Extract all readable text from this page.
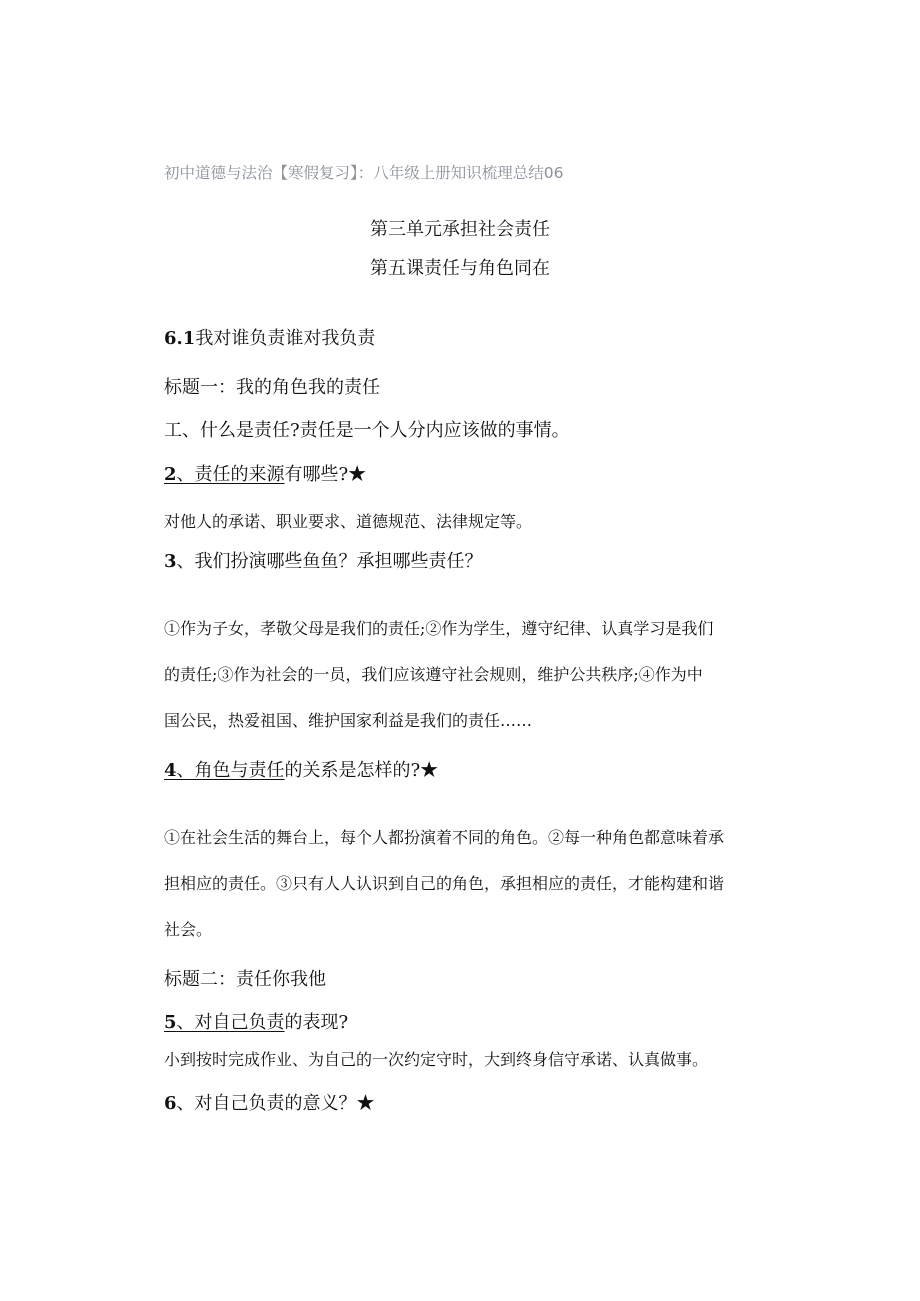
初中道德与法治【寒假复习】：八年级上册知识梳理总结06
第三单元承担社会责任
第五课责任与角色同在
6.1我对谁负责谁对我负责
标题一：我的角色我的责任
工、什么是责任?责任是一个人分内应该做的事情。
2、责任的来源有哪些?★
对他人的承诺、职业要求、道德规范、法律规定等。
3、我们扮演哪些鱼鱼？承担哪些责任？
①作为子女，孝敬父母是我们的责任;②作为学生，遵守纪律、认真学习是我们
的责任;③作为社会的一员，我们应该遵守社会规则，维护公共秩序;④作为中
国公民，热爱祖国、维护国家利益是我们的责任……
4、角色与责任的关系是怎样的?★
①在社会生活的舞台上，每个人都扮演着不同的角色。②每一种角色都意味着承
担相应的责任。③只有人人认识到自己的角色，承担相应的责任，才能构建和谐
社会。
标题二：责任你我他
5、对自己负责的表现?
小到按时完成作业、为自己的一次约定守时，大到终身信守承诺、认真做事。
6、对自己负责的意义？★
